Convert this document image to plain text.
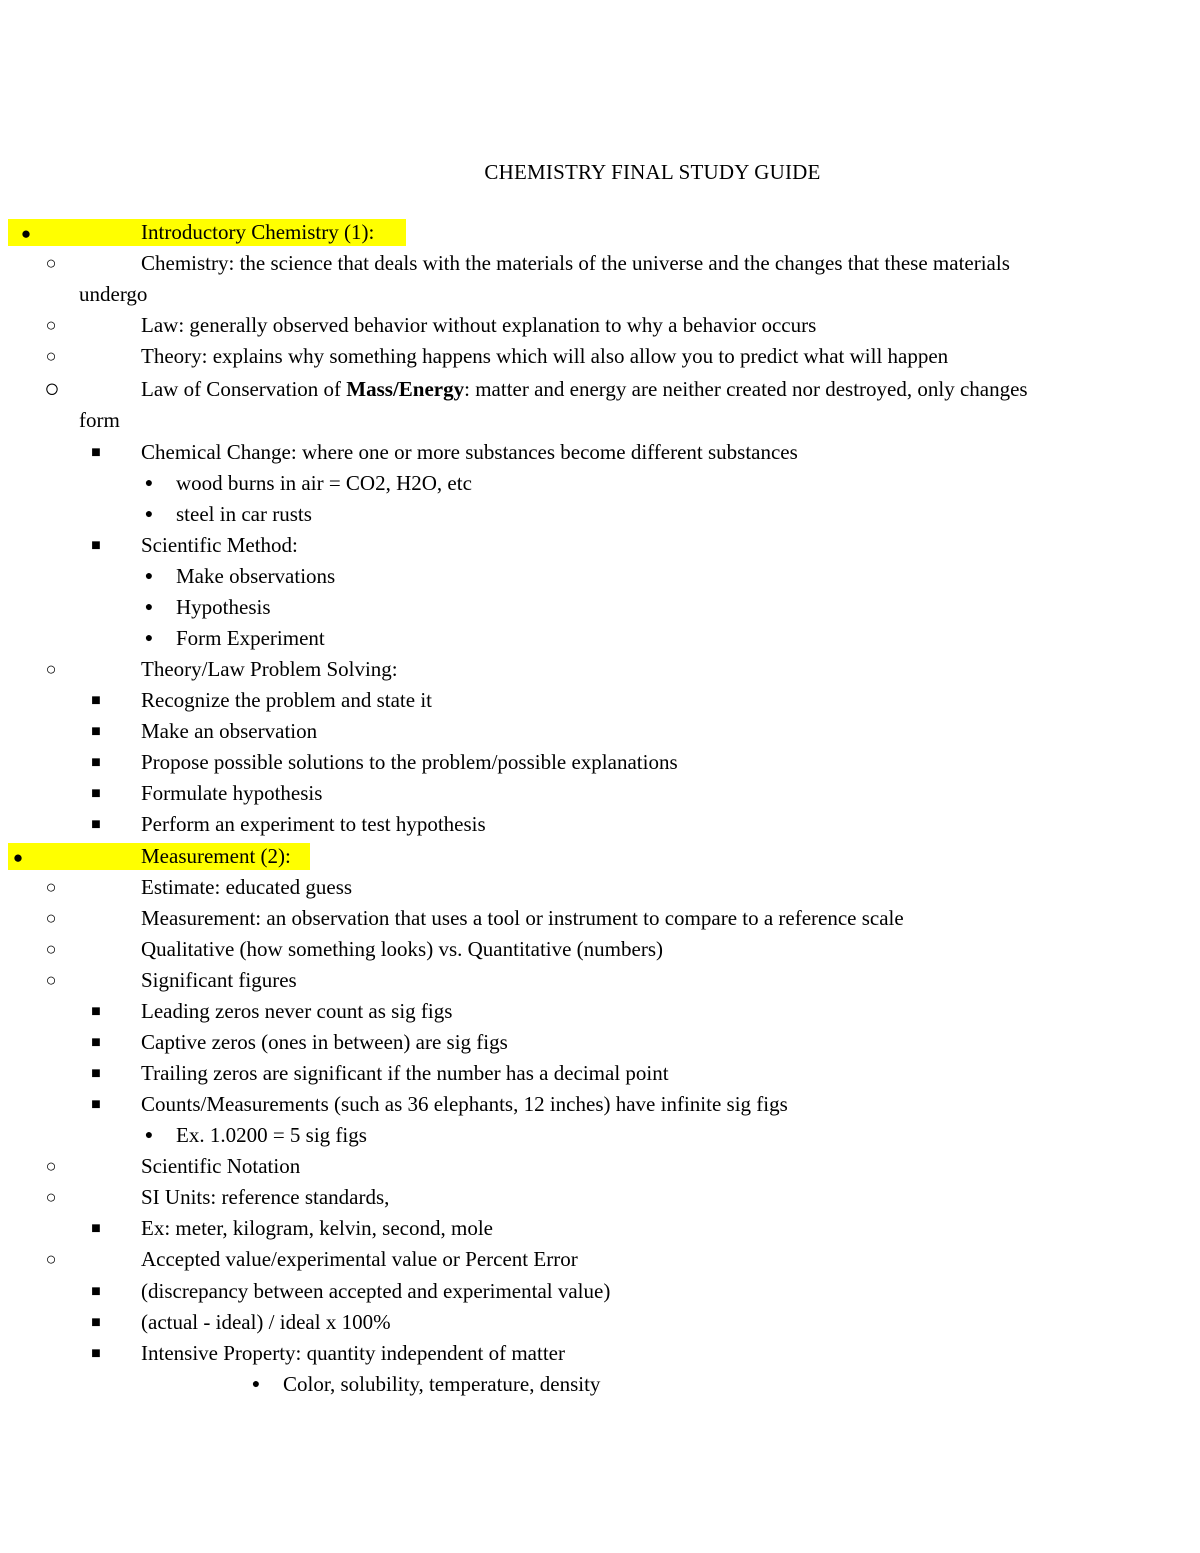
CHEMISTRY FINAL STUDY GUIDE
●	Introductory Chemistry (1):
○	Chemistry: the science that deals with the materials of the universe and the changes that these materials
undergo
○	Law: generally observed behavior without explanation to why a behavior occurs
○	Theory: explains why something happens which will also allow you to predict what will happen
○	Law of Conservation of Mass/Energy: matter and energy are neither created nor destroyed, only changes
form
■	Chemical Change: where one or more substances become different substances
●	wood burns in air = CO2, H2O, etc
●	steel in car rusts
■	Scientific Method:
●	Make observations
●	Hypothesis
●	Form Experiment
○	Theory/Law Problem Solving:
■	Recognize the problem and state it
■	Make an observation
■	Propose possible solutions to the problem/possible explanations
■	Formulate hypothesis
■	Perform an experiment to test hypothesis
●	Measurement (2):
○	Estimate: educated guess
○	Measurement: an observation that uses a tool or instrument to compare to a reference scale
○	Qualitative (how something looks) vs. Quantitative (numbers)
○	Significant figures
■	Leading zeros never count as sig figs
■	Captive zeros (ones in between) are sig figs
■	Trailing zeros are significant if the number has a decimal point
■	Counts/Measurements (such as 36 elephants, 12 inches) have infinite sig figs
●	Ex. 1.0200 = 5 sig figs
○	Scientific Notation
○	SI Units: reference standards,
■	Ex: meter, kilogram, kelvin, second, mole
○	Accepted value/experimental value or Percent Error
■	(discrepancy between accepted and experimental value)
■	(actual - ideal) / ideal x 100%
■	Intensive Property: quantity independent of matter
●	Color, solubility, temperature, density
